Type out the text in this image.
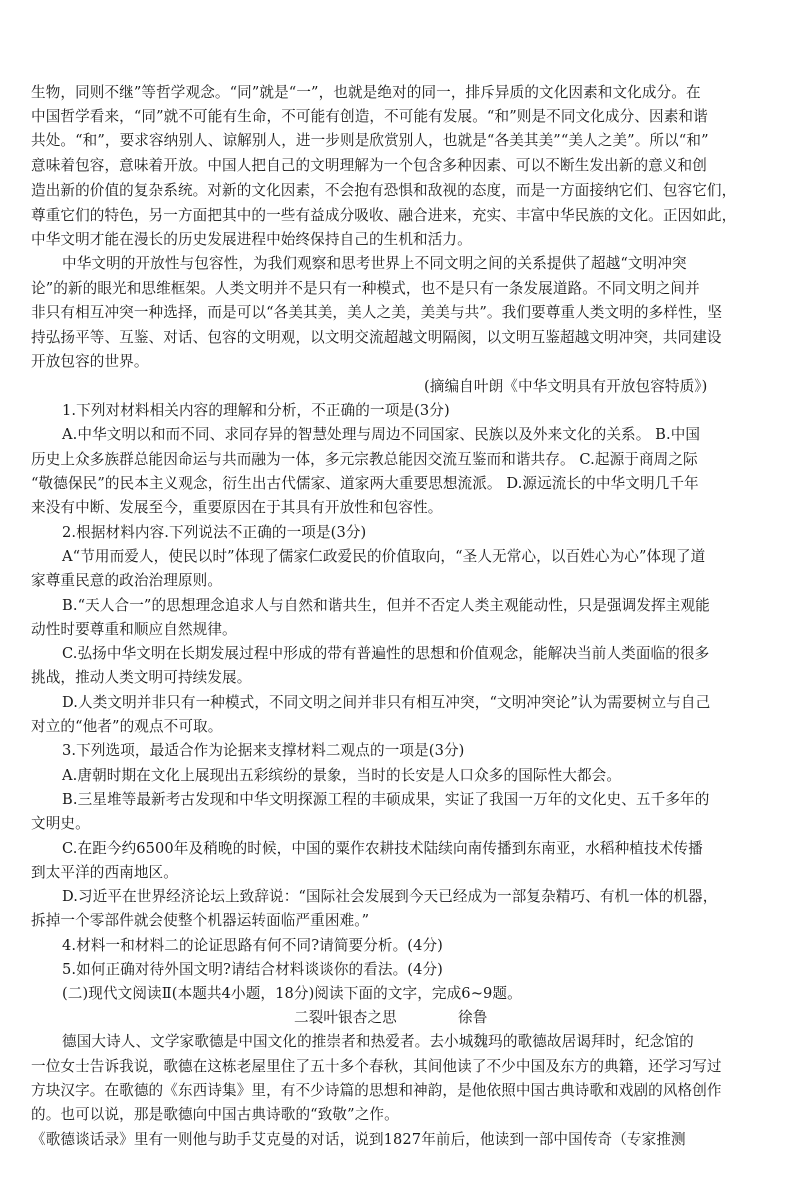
生物，同则不继”等哲学观念。“同”就是“一”，也就是绝对的同一，排斥异质的文化因素和文化成分。在
中国哲学看来，“同”就不可能有生命，不可能有创造，不可能有发展。“和”则是不同文化成分、因素和谐
共处。“和”，要求容纳别人、谅解别人，进一步则是欣赏别人，也就是“各美其美”“美人之美”。所以“和”
意味着包容，意味着开放。中国人把自己的文明理解为一个包含多种因素、可以不断生发出新的意义和创
造出新的价值的复杂系统。对新的文化因素，不会抱有恐惧和敌视的态度，而是一方面接纳它们、包容它们，
尊重它们的特色，另一方面把其中的一些有益成分吸收、融合进来，充实、丰富中华民族的文化。正因如此，
中华文明才能在漫长的历史发展进程中始终保持自己的生机和活力。
中华文明的开放性与包容性，为我们观察和思考世界上不同文明之间的关系提供了超越“文明冲突
论”的新的眼光和思维框架。人类文明并不是只有一种模式，也不是只有一条发展道路。不同文明之间并
非只有相互冲突一种选择，而是可以“各美其美，美人之美，美美与共”。我们要尊重人类文明的多样性，坚
持弘扬平等、互鉴、对话、包容的文明观，以文明交流超越文明隔阂，以文明互鉴超越文明冲突，共同建设
开放包容的世界。
(摘编自叶朗《中华文明具有开放包容特质》)
1.下列对材料相关内容的理解和分析，不正确的一项是(3分)
A.中华文明以和而不同、求同存异的智慧处理与周边不同国家、民族以及外来文化的关系。 B.中国
历史上众多族群总能因命运与共而融为一体，多元宗教总能因交流互鉴而和谐共存。 C.起源于商周之际
“敬德保民”的民本主义观念，衍生出古代儒家、道家两大重要思想流派。 D.源远流长的中华文明几千年
来没有中断、发展至今，重要原因在于其具有开放性和包容性。
2.根据材料内容.下列说法不正确的一项是(3分)
A“节用而爱人，使民以时”体现了儒家仁政爱民的价值取向，“圣人无常心，以百姓心为心”体现了道
家尊重民意的政治治理原则。
B.“天人合一”的思想理念追求人与自然和谐共生，但并不否定人类主观能动性，只是强调发挥主观能
动性时要尊重和顺应自然规律。
C.弘扬中华文明在长期发展过程中形成的带有普遍性的思想和价值观念，能解决当前人类面临的很多
挑战，推动人类文明可持续发展。
D.人类文明并非只有一种模式，不同文明之间并非只有相互冲突，“文明冲突论”认为需要树立与自己
对立的“他者”的观点不可取。
3.下列选项，最适合作为论据来支撑材料二观点的一项是(3分)
A.唐朝时期在文化上展现出五彩缤纷的景象，当时的长安是人口众多的国际性大都会。
B.三星堆等最新考古发现和中华文明探源工程的丰硕成果，实证了我国一万年的文化史、五千多年的
文明史。
C.在距今约6500年及稍晚的时候，中国的粟作农耕技术陆续向南传播到东南亚，水稻种植技术传播
到太平洋的西南地区。
D.习近平在世界经济论坛上致辞说：“国际社会发展到今天已经成为一部复杂精巧、有机一体的机器，
拆掉一个零部件就会使整个机器运转面临严重困难。”
4.材料一和材料二的论证思路有何不同?请简要分析。(4分)
5.如何正确对待外国文明?请结合材料谈谈你的看法。(4分)
(二)现代文阅读Ⅱ(本题共4小题，18分)阅读下面的文字，完成6~9题。
二裂叶银杏之思	徐鲁
德国大诗人、文学家歌德是中国文化的推崇者和热爱者。去小城魏玛的歌德故居谒拜时，纪念馆的
一位女士告诉我说，歌德在这栋老屋里住了五十多个春秋，其间他读了不少中国及东方的典籍，还学习写过
方块汉字。在歌德的《东西诗集》里，有不少诗篇的思想和神韵，是他依照中国古典诗歌和戏剧的风格创作
的。也可以说，那是歌德向中国古典诗歌的“致敬”之作。
《歌德谈话录》里有一则他与助手艾克曼的对话，说到1827年前后，他读到一部中国传奇（专家推测
